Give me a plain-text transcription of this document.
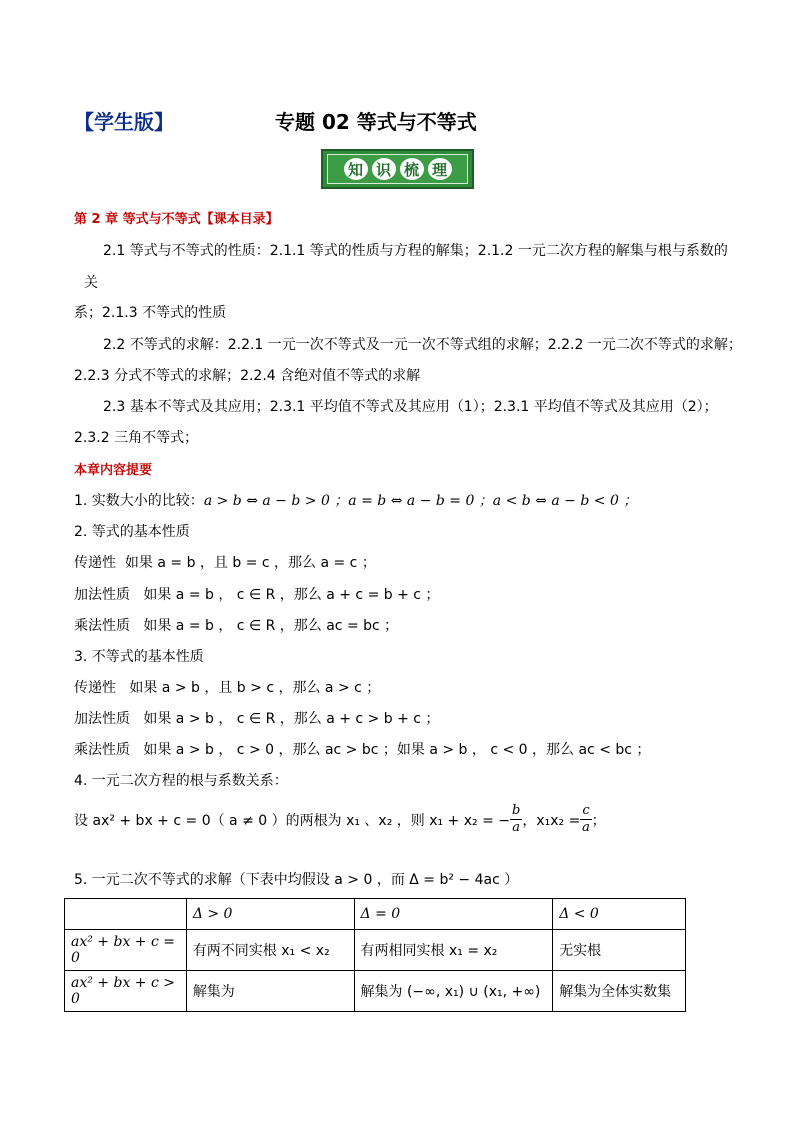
【学生版】	专题 02 等式与不等式
知 识 梳 理
第 2 章 等式与不等式【课本目录】
2.1 等式与不等式的性质：2.1.1 等式的性质与方程的解集；2.1.2 一元二次方程的解集与根与系数的
关
系；2.1.3 不等式的性质
2.2 不等式的求解：2.2.1 一元一次不等式及一元一次不等式组的求解；2.2.2 一元二次不等式的求解；
2.2.3 分式不等式的求解；2.2.4 含绝对值不等式的求解
2.3 基本不等式及其应用；2.3.1 平均值不等式及其应用（1）；2.3.1 平均值不等式及其应用（2）；
2.3.2 三角不等式；
本章内容提要
1. 实数大小的比较：a > b ⇔ a − b > 0 ；a = b ⇔ a − b = 0 ；a < b ⇔ a − b < 0 ；
2. 等式的基本性质
传递性 如果 a = b ，且 b = c ，那么 a = c ；
加法性质 如果 a = b ， c ∈ R ，那么 a + c = b + c ；
乘法性质 如果 a = b ， c ∈ R ，那么 ac = bc ；
3. 不等式的基本性质
传递性 如果 a > b ，且 b > c ，那么 a > c ；
加法性质 如果 a > b ， c ∈ R ，那么 a + c > b + c ；
乘法性质 如果 a > b ， c > 0 ，那么 ac > bc ；如果 a > b ， c < 0 ，那么 ac < bc ；
4. 一元二次方程的根与系数关系：
设 ax² + bx + c = 0（ a ≠ 0 ）的两根为 x₁ 、x₂ ，则 x₁ + x₂ = − $\frac{b}{a}$ ，$x_1x_2 = \frac{c}{a}$ ；
5. 一元二次不等式的求解（下表中均假设 a > 0 ，而 Δ = b² − 4ac ）
	Δ > 0	Δ = 0	Δ < 0
ax² + bx + c = 0	有两不同实根 x₁ < x₂	有两相同实根 x₁ = x₂	无实根
ax² + bx + c > 0	解集为	解集为 (−∞, x₁) ∪ (x₁, +∞)	解集为全体实数集
